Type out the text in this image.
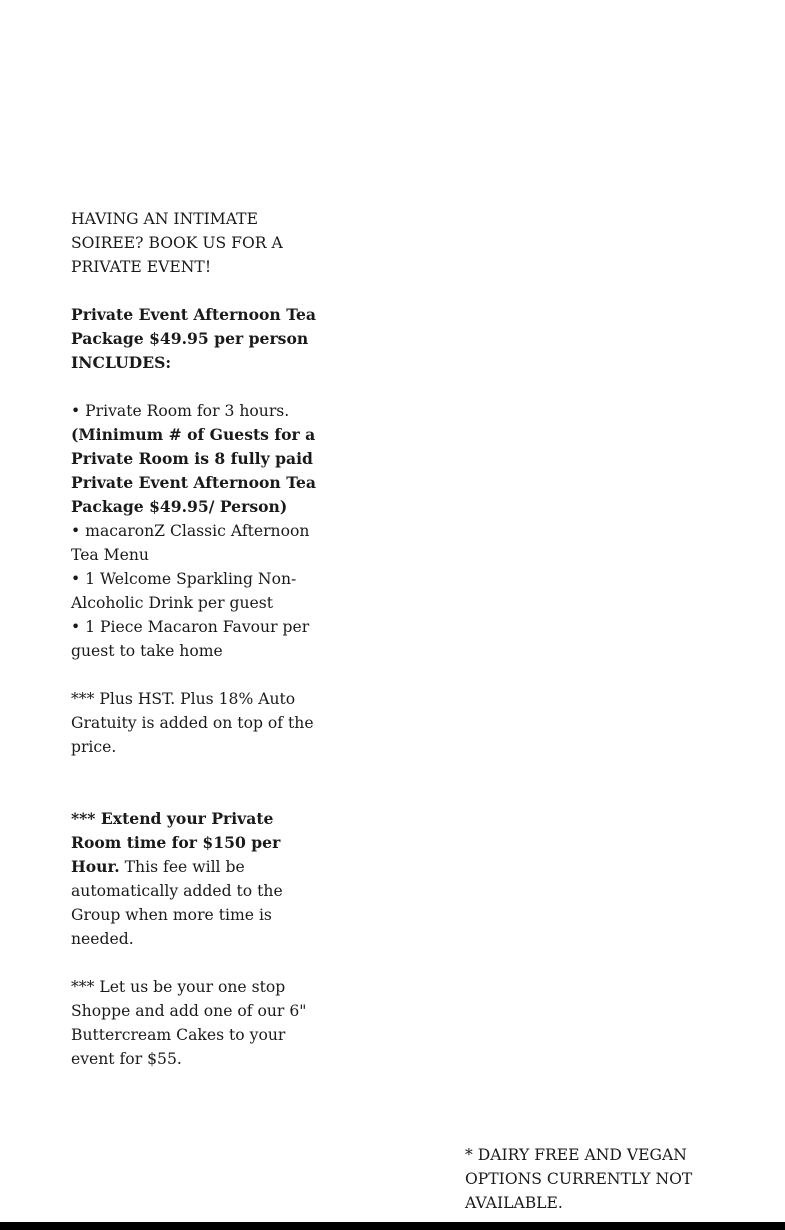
HAVING AN INTIMATE SOIREE? BOOK US FOR A PRIVATE EVENT!

Private Event Afternoon Tea Package $49.95 per person INCLUDES:

• Private Room for 3 hours. (Minimum # of Guests for a Private Room is 8 fully paid Private Event Afternoon Tea Package $49.95/ Person)

• macaronZ Classic Afternoon Tea Menu

• 1 Welcome Sparkling Non-Alcoholic Drink per guest

• 1 Piece Macaron Favour per guest to take home

*** Plus HST. Plus 18% Auto Gratuity is added on top of the price.

*** Extend your Private Room time for $150 per Hour. This fee will be automatically added to the Group when more time is needed.

*** Let us be your one stop Shoppe and add one of our 6" Buttercream Cakes to your event for $55.

* DAIRY FREE AND VEGAN OPTIONS CURRENTLY NOT AVAILABLE.
